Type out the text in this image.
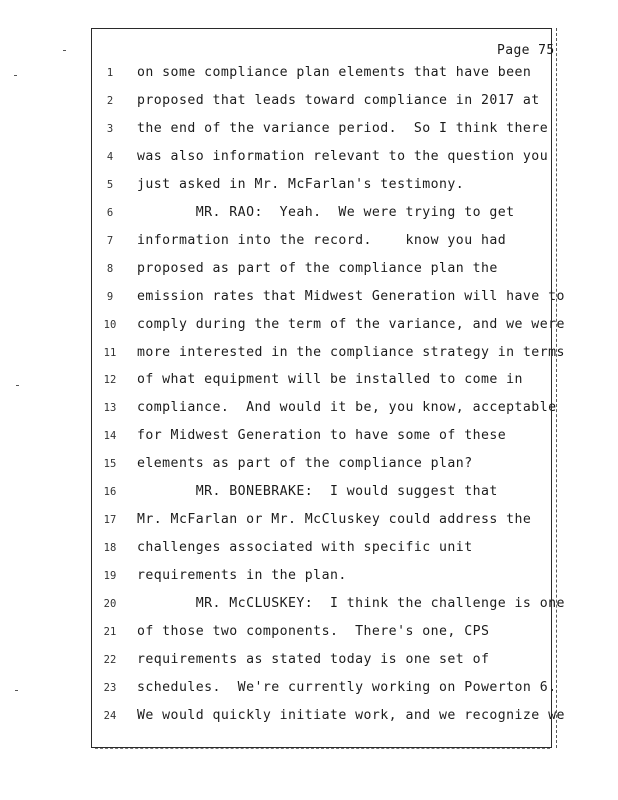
Page 75
1	on some compliance plan elements that have been
2	proposed that leads toward compliance in 2017 at
3	the end of the variance period.  So I think there
4	was also information relevant to the question you
5	just asked in Mr. McFarlan's testimony.
6	MR. RAO:  Yeah.  We were trying to get
7	information into the record.    know you had
8	proposed as part of the compliance plan the
9	emission rates that Midwest Generation will have to
10 comply during the term of the variance, and we were
11 more interested in the compliance strategy in terms
12 of what equipment will be installed to come in
13 compliance.  And would it be, you know, acceptable
14 for Midwest Generation to have some of these
15 elements as part of the compliance plan?
16 MR. BONEBRAKE:  I would suggest that
17 Mr. McFarlan or Mr. McCluskey could address the
18 challenges associated with specific unit
19 requirements in the plan.
20 MR. McCLUSKEY:  I think the challenge is one
21 of those two components.  There's one, CPS
22 requirements as stated today is one set of
23 schedules.  We're currently working on Powerton 6.
24 We would quickly initiate work, and we recognize we
